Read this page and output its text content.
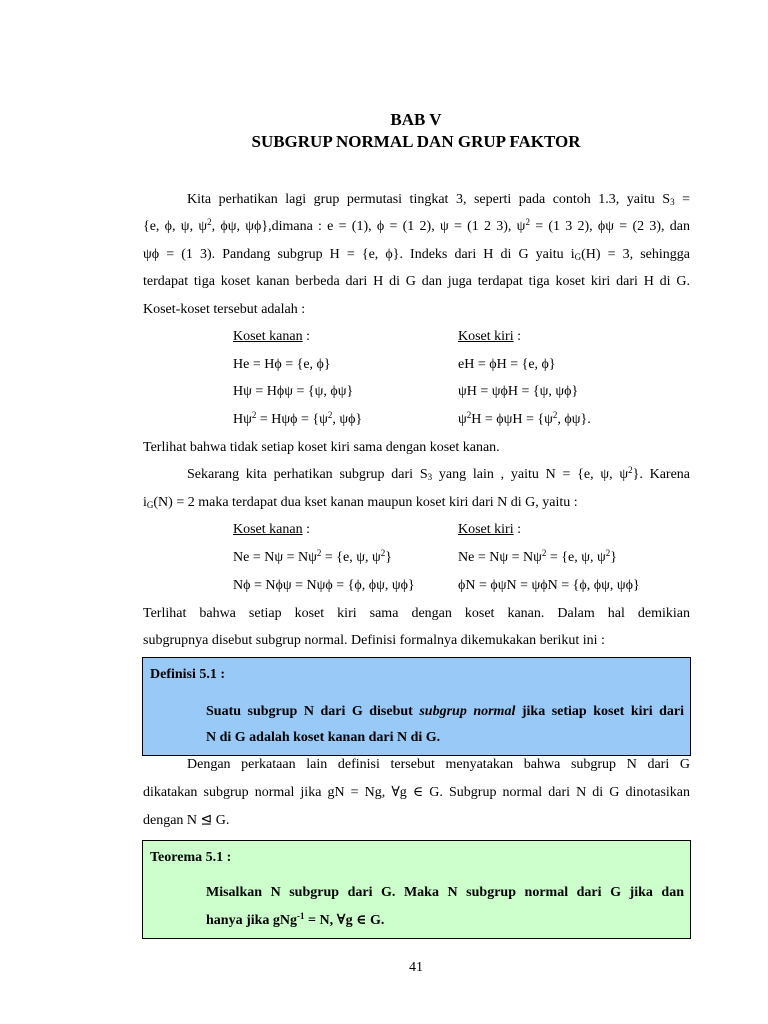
BAB V
SUBGRUP NORMAL DAN GRUP FAKTOR
Kita perhatikan lagi grup permutasi tingkat 3, seperti pada contoh 1.3, yaitu $S_3$ =
{e, ϕ, ψ, $\psi^2$, ϕψ, ψϕ},dimana : e = (1), ϕ = (1 2), ψ = (1 2 3), $\psi^2 = (1$ 3 2), ϕψ = (2 3), dan
ψϕ = (1 3). Pandang subgrup H = {e, ϕ}. Indeks dari H di G yaitu $i_G(H) = 3$, sehingga
terdapat tiga koset kanan berbeda dari H di G dan juga terdapat tiga koset kiri dari H di G.
Koset-koset tersebut adalah :
Koset kanan :	Koset kiri :
He = Hϕ = {e, ϕ}	eH = ϕH = {e, ϕ}
Hψ = Hϕψ = {ψ, ϕψ}	ψH = ψϕH = {ψ, ψϕ}
$H\psi^2 = H\psi\phi = \{\psi^2$, ψϕ}	$\psi^2H = \phi\psi H = \{\psi^2$, ϕψ}.
Terlihat bahwa tidak setiap koset kiri sama dengan koset kanan.
Sekarang kita perhatikan subgrup dari $S_3$ yang lain , yaitu N = {e, ψ, $\psi^2$}. Karena
$i_G(N) = 2$ maka terdapat dua kset kanan maupun koset kiri dari N di G, yaitu :
Koset kanan :	Koset kiri :
$Ne = N\psi = N\psi^2 = \{e$, ψ, $\psi^2$}	$Ne = N\psi = N\psi^2 = \{e$, ψ, $\psi^2$}
Nϕ = Nϕψ = Nψϕ = {ϕ, ϕψ, ψϕ}	ϕN = ϕψN = ψϕN = {ϕ, ϕψ, ψϕ}
Terlihat bahwa setiap koset kiri sama dengan koset kanan. Dalam hal demikian
subgrupnya disebut subgrup normal. Definisi formalnya dikemukakan berikut ini :
Definisi 5.1 :
Suatu subgrup N dari G disebut subgrup normal jika setiap koset kiri dari
N di G adalah koset kanan dari N di G.
Dengan perkataan lain definisi tersebut menyatakan bahwa subgrup N dari G
dikatakan subgrup normal jika gN = Ng, ∀g ∈ G. Subgrup normal dari N di G dinotasikan
dengan N ⊴ G.
Teorema 5.1 :
Misalkan N subgrup dari G. Maka N subgrup normal dari G jika dan
hanya jika gNg$^{-1}$ = N, ∀g ∈ G.
41
